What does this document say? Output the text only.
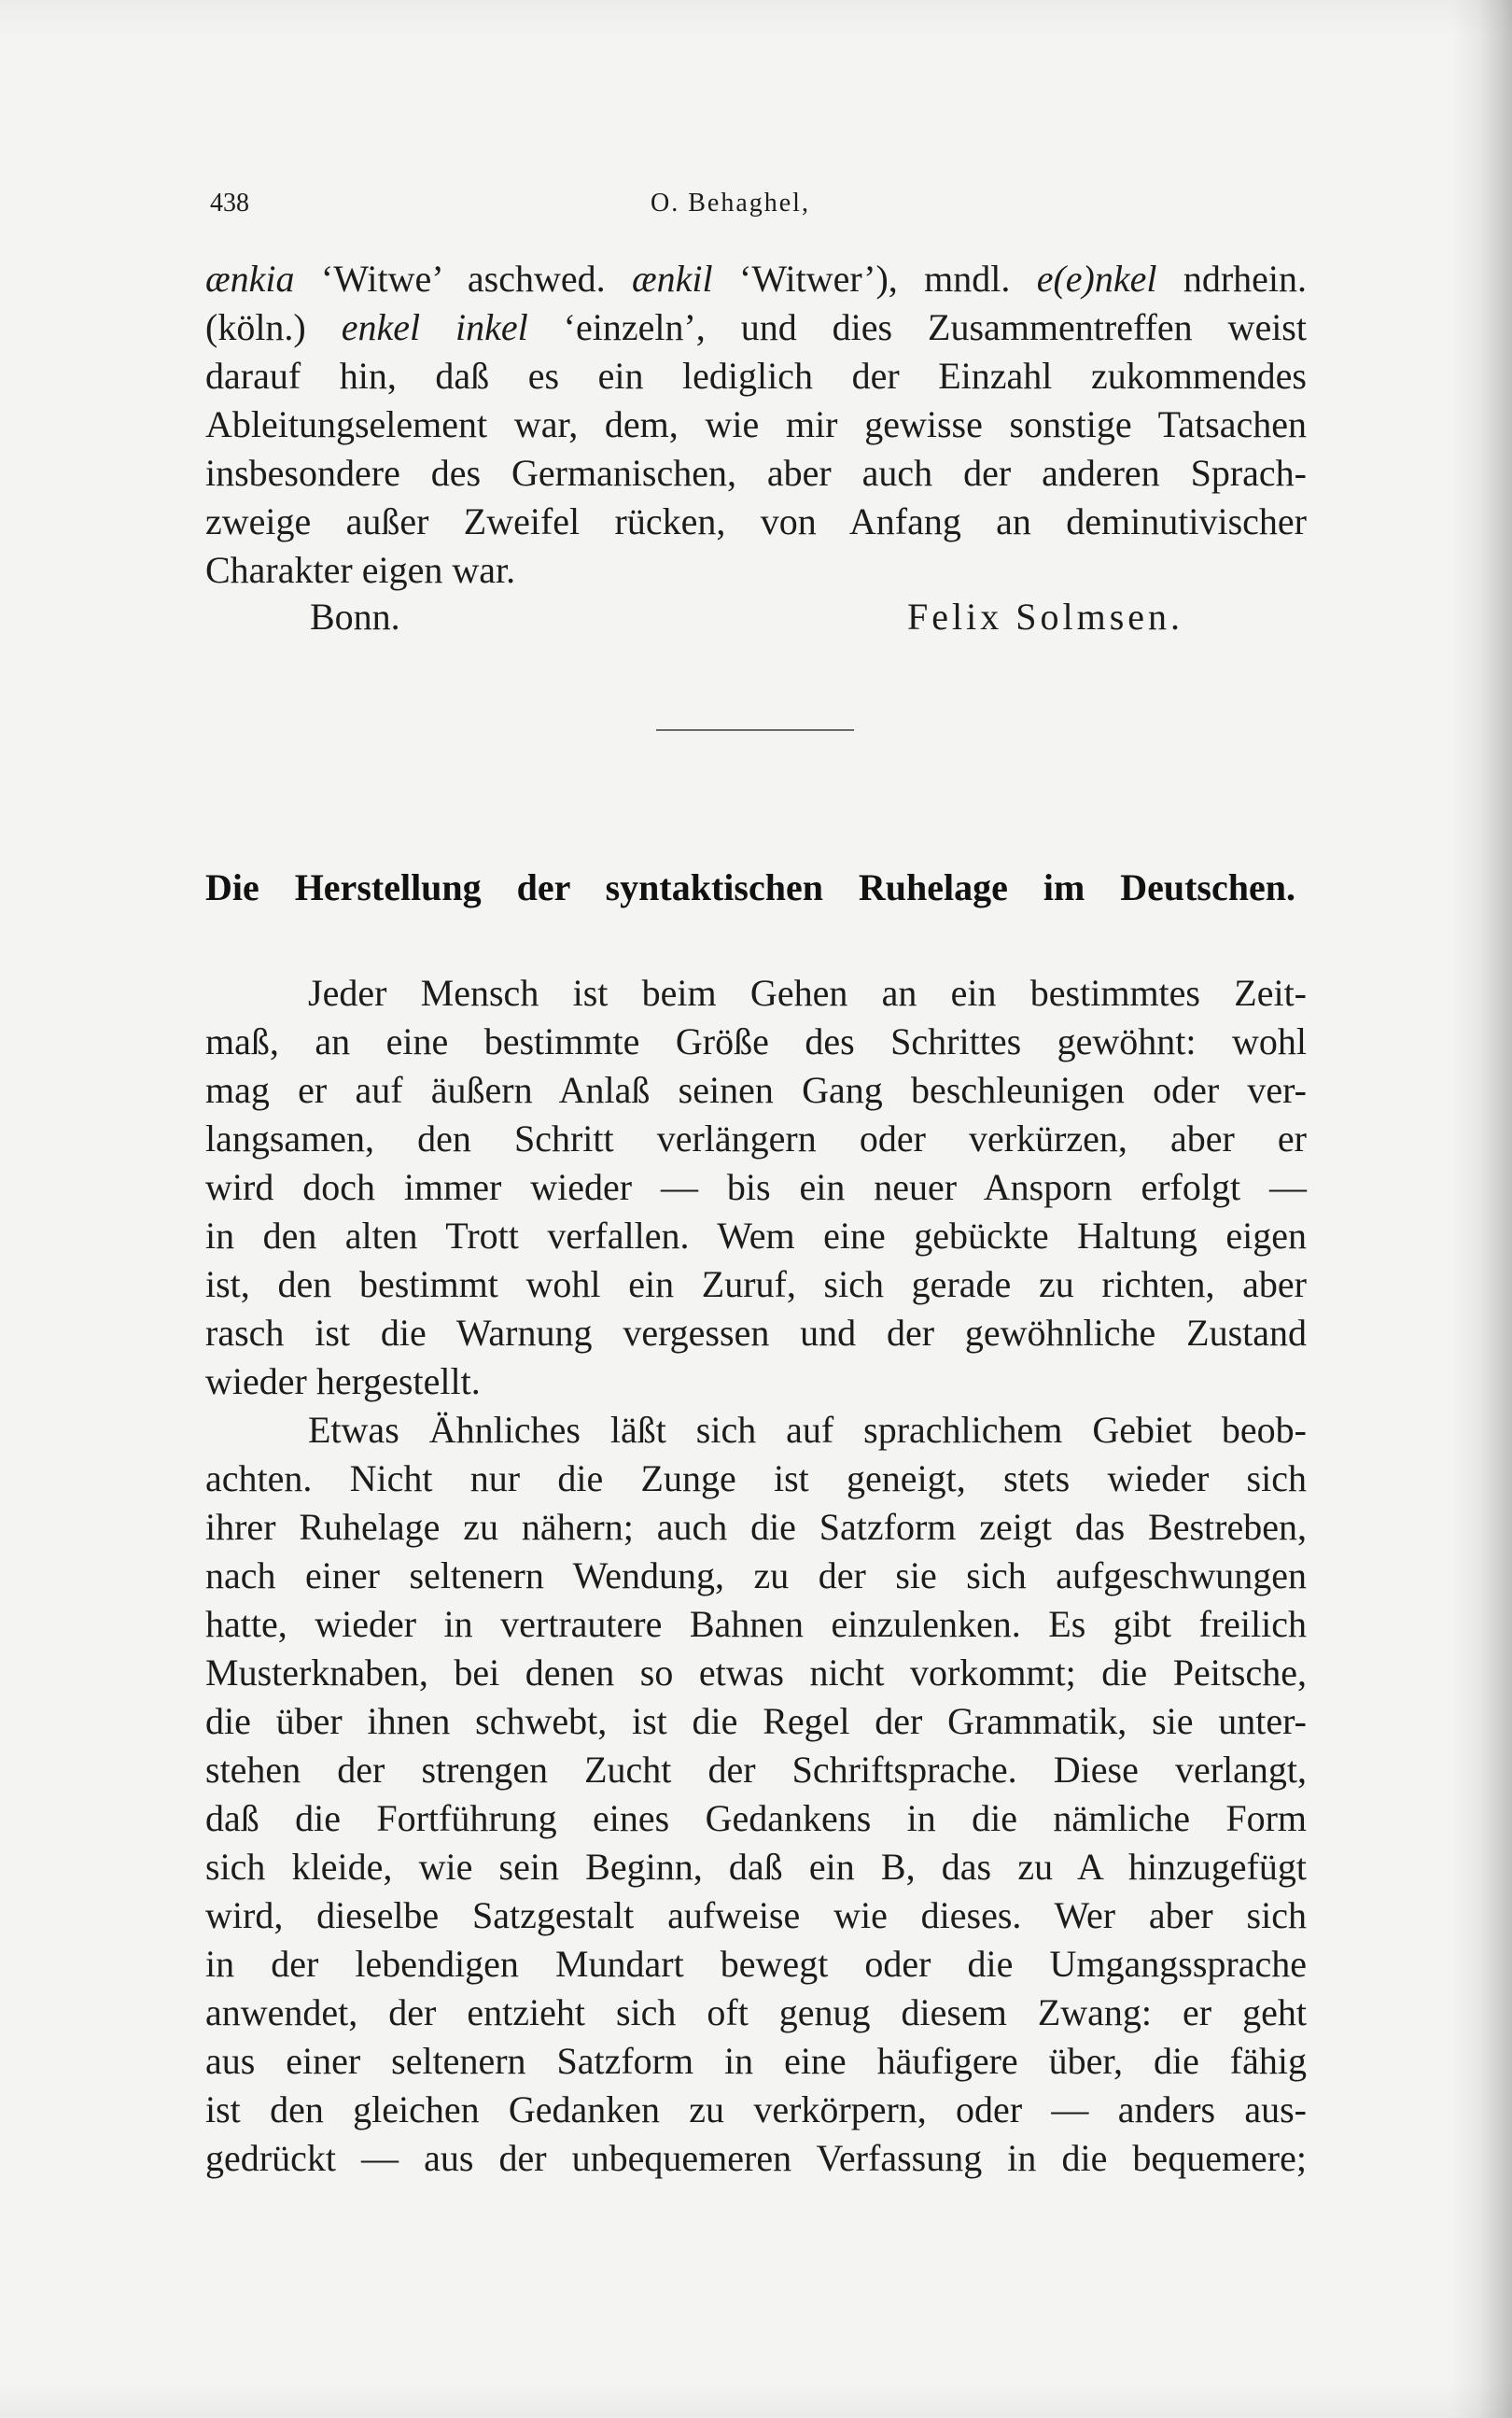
438	O. Behaghel,
ænkia ‘Witwe’ aschwed. ænkil ‘Witwer’), mndl. e(e)nkel ndrhein.
(köln.) enkel inkel ‘einzeln’, und dies Zusammentreffen weist
darauf hin, daß es ein lediglich der Einzahl zukommendes
Ableitungselement war, dem, wie mir gewisse sonstige Tatsachen
insbesondere des Germanischen, aber auch der anderen Sprach-
zweige außer Zweifel rücken, von Anfang an deminutivischer
Charakter eigen war.
Bonn.	Felix Solmsen.
Die Herstellung der syntaktischen Ruhelage im Deutschen.
Jeder Mensch ist beim Gehen an ein bestimmtes Zeit-
maß, an eine bestimmte Größe des Schrittes gewöhnt: wohl
mag er auf äußern Anlaß seinen Gang beschleunigen oder ver-
langsamen, den Schritt verlängern oder verkürzen, aber er
wird doch immer wieder — bis ein neuer Ansporn erfolgt —
in den alten Trott verfallen. Wem eine gebückte Haltung eigen
ist, den bestimmt wohl ein Zuruf, sich gerade zu richten, aber
rasch ist die Warnung vergessen und der gewöhnliche Zustand
wieder hergestellt.
Etwas Ähnliches läßt sich auf sprachlichem Gebiet beob-
achten. Nicht nur die Zunge ist geneigt, stets wieder sich
ihrer Ruhelage zu nähern; auch die Satzform zeigt das Bestreben,
nach einer seltenern Wendung, zu der sie sich aufgeschwungen
hatte, wieder in vertrautere Bahnen einzulenken. Es gibt freilich
Musterknaben, bei denen so etwas nicht vorkommt; die Peitsche,
die über ihnen schwebt, ist die Regel der Grammatik, sie unter-
stehen der strengen Zucht der Schriftsprache. Diese verlangt,
daß die Fortführung eines Gedankens in die nämliche Form
sich kleide, wie sein Beginn, daß ein B, das zu A hinzugefügt
wird, dieselbe Satzgestalt aufweise wie dieses. Wer aber sich
in der lebendigen Mundart bewegt oder die Umgangssprache
anwendet, der entzieht sich oft genug diesem Zwang: er geht
aus einer seltenern Satzform in eine häufigere über, die fähig
ist den gleichen Gedanken zu verkörpern, oder — anders aus-
gedrückt — aus der unbequemeren Verfassung in die bequemere;
